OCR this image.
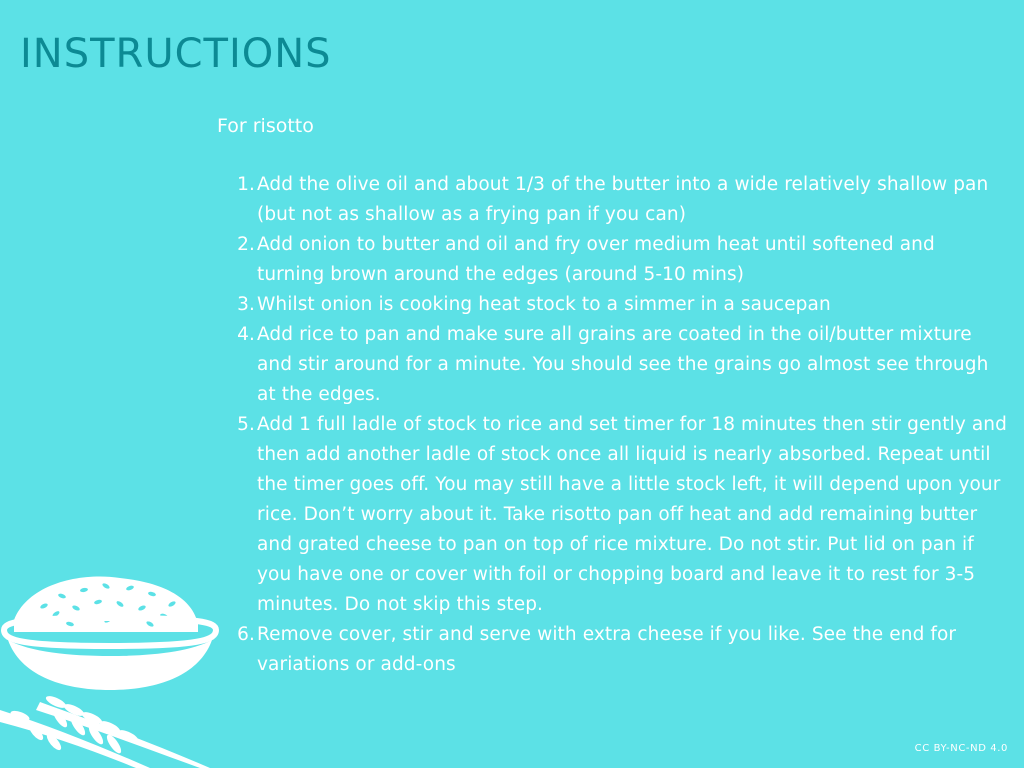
INSTRUCTIONS

For risotto

1. Add the olive oil and about 1/3 of the butter into a wide relatively shallow pan (but not as shallow as a frying pan if you can)
2. Add onion to butter and oil and fry over medium heat until softened and turning brown around the edges (around 5-10 mins)
3. Whilst onion is cooking heat stock to a simmer in a saucepan
4. Add rice to pan and make sure all grains are coated in the oil/butter mixture and stir around for a minute. You should see the grains go almost see through at the edges.
5. Add 1 full ladle of stock to rice and set timer for 18 minutes then stir gently and then add another ladle of stock once all liquid is nearly absorbed. Repeat until the timer goes off. You may still have a little stock left, it will depend upon your rice. Don’t worry about it. Take risotto pan off heat and add remaining butter and grated cheese to pan on top of rice mixture. Do not stir. Put lid on pan if you have one or cover with foil or chopping board and leave it to rest for 3-5 minutes. Do not skip this step.
6. Remove cover, stir and serve with extra cheese if you like. See the end for variations or add-ons
CC BY-NC-ND 4.0
